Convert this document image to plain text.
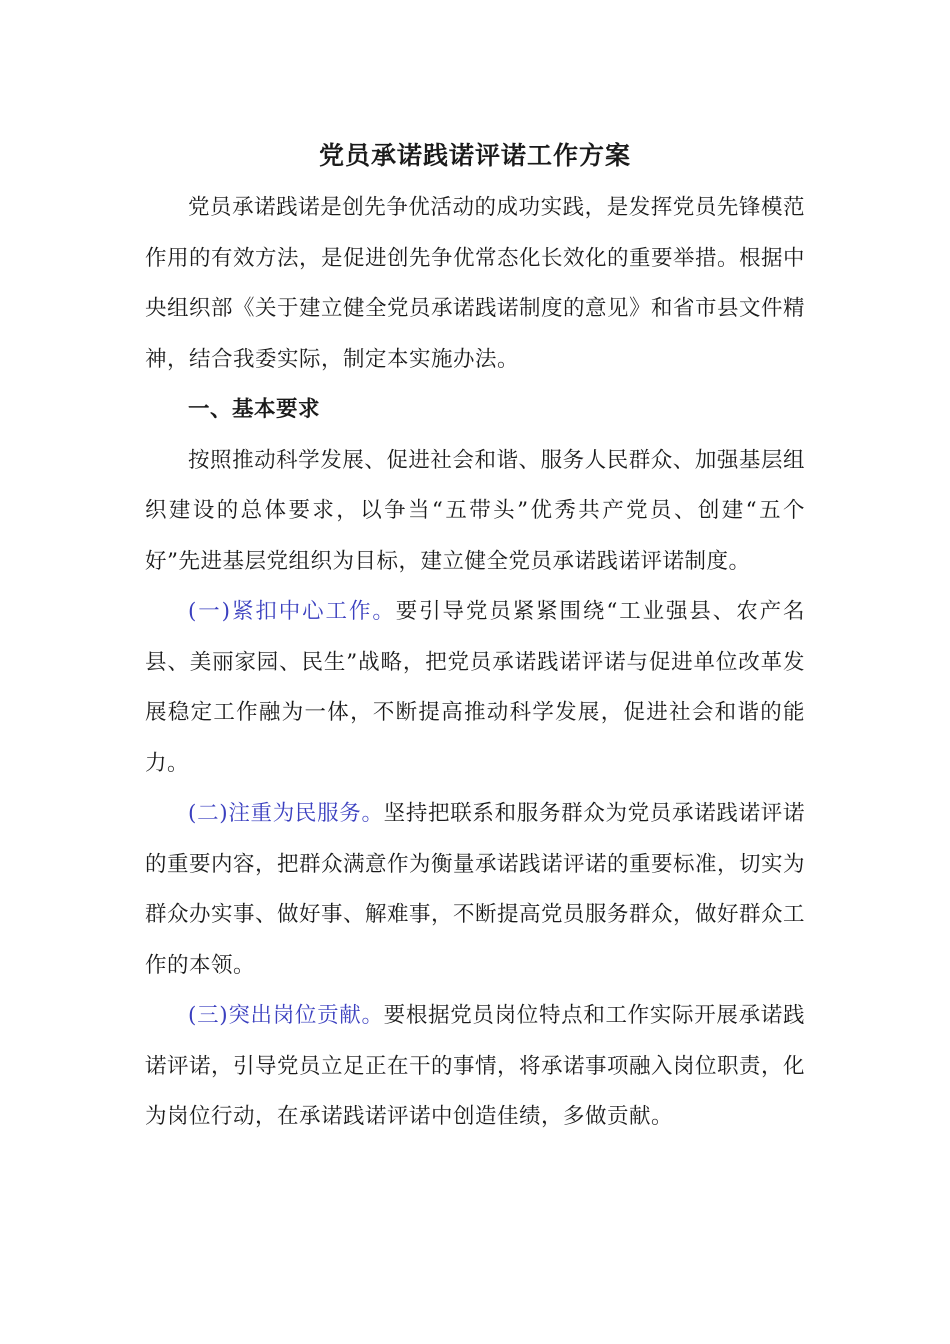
党员承诺践诺评诺工作方案

党员承诺践诺是创先争优活动的成功实践，是发挥党员先锋模范作用的有效方法，是促进创先争优常态化长效化的重要举措。根据中央组织部《关于建立健全党员承诺践诺制度的意见》和省市县文件精神，结合我委实际，制定本实施办法。

一、基本要求

按照推动科学发展、促进社会和谐、服务人民群众、加强基层组织建设的总体要求，以争当“五带头”优秀共产党员、创建“五个好”先进基层党组织为目标，建立健全党员承诺践诺评诺制度。

(一)紧扣中心工作。要引导党员紧紧围绕“工业强县、农产名县、美丽家园、民生”战略，把党员承诺践诺评诺与促进单位改革发展稳定工作融为一体，不断提高推动科学发展，促进社会和谐的能力。

(二)注重为民服务。坚持把联系和服务群众为党员承诺践诺评诺的重要内容，把群众满意作为衡量承诺践诺评诺的重要标准，切实为群众办实事、做好事、解难事，不断提高党员服务群众，做好群众工作的本领。

(三)突出岗位贡献。要根据党员岗位特点和工作实际开展承诺践诺评诺，引导党员立足正在干的事情，将承诺事项融入岗位职责，化为岗位行动，在承诺践诺评诺中创造佳绩，多做贡献。
